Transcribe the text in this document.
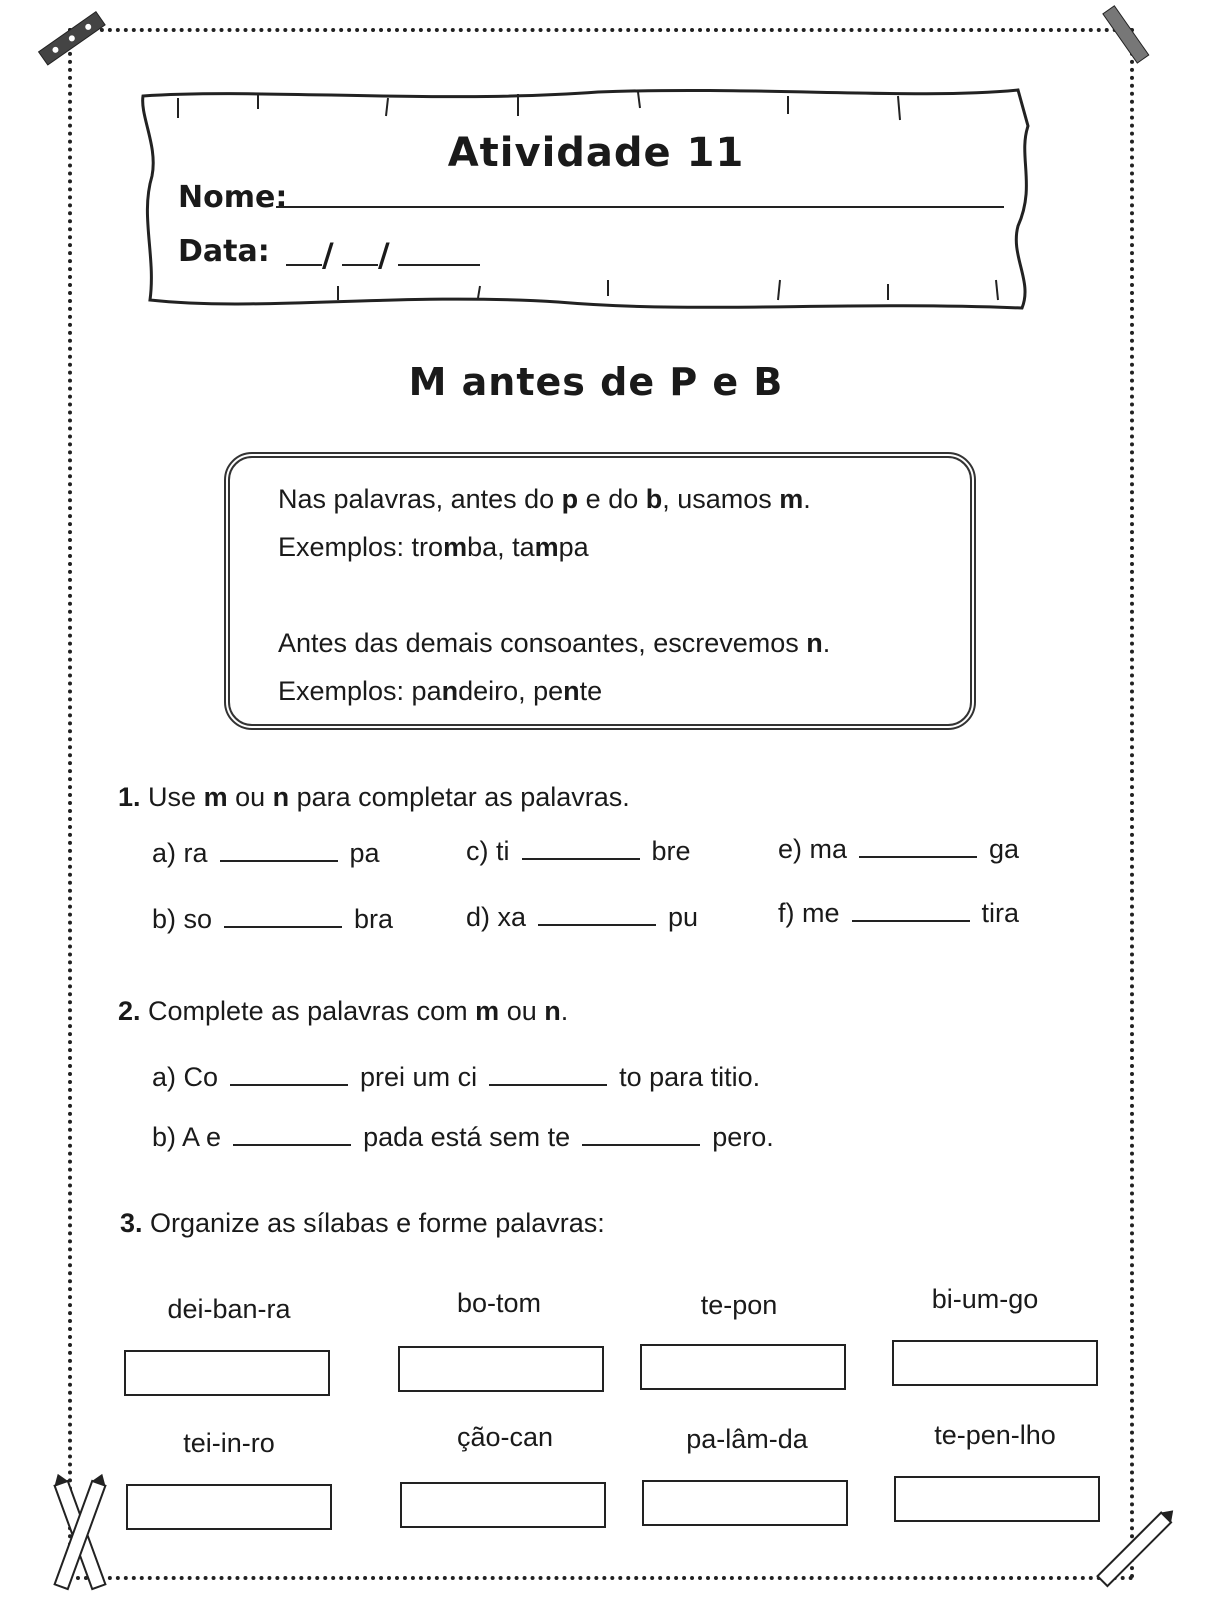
Atividade 11
Nome:
Data: / /
M antes de P e B
Nas palavras, antes do p e do b, usamos m.
Exemplos: tromba, tampa
Antes das demais consoantes, escrevemos n.
Exemplos: pandeiro, pente
1. Use m ou n para completar as palavras.
a) ra	pa	c) ti	bre	e) ma	ga
b) so	bra	d) xa	pu	f) me	tira
2. Complete as palavras com m ou n.
a) Co	prei um ci	to para titio.
b) A e	pada está sem te	pero.
3. Organize as sílabas e forme palavras:
dei-ban-ra	bo-tom	te-pon	bi-um-go
tei-in-ro	ção-can	pa-lâm-da	te-pen-lho
